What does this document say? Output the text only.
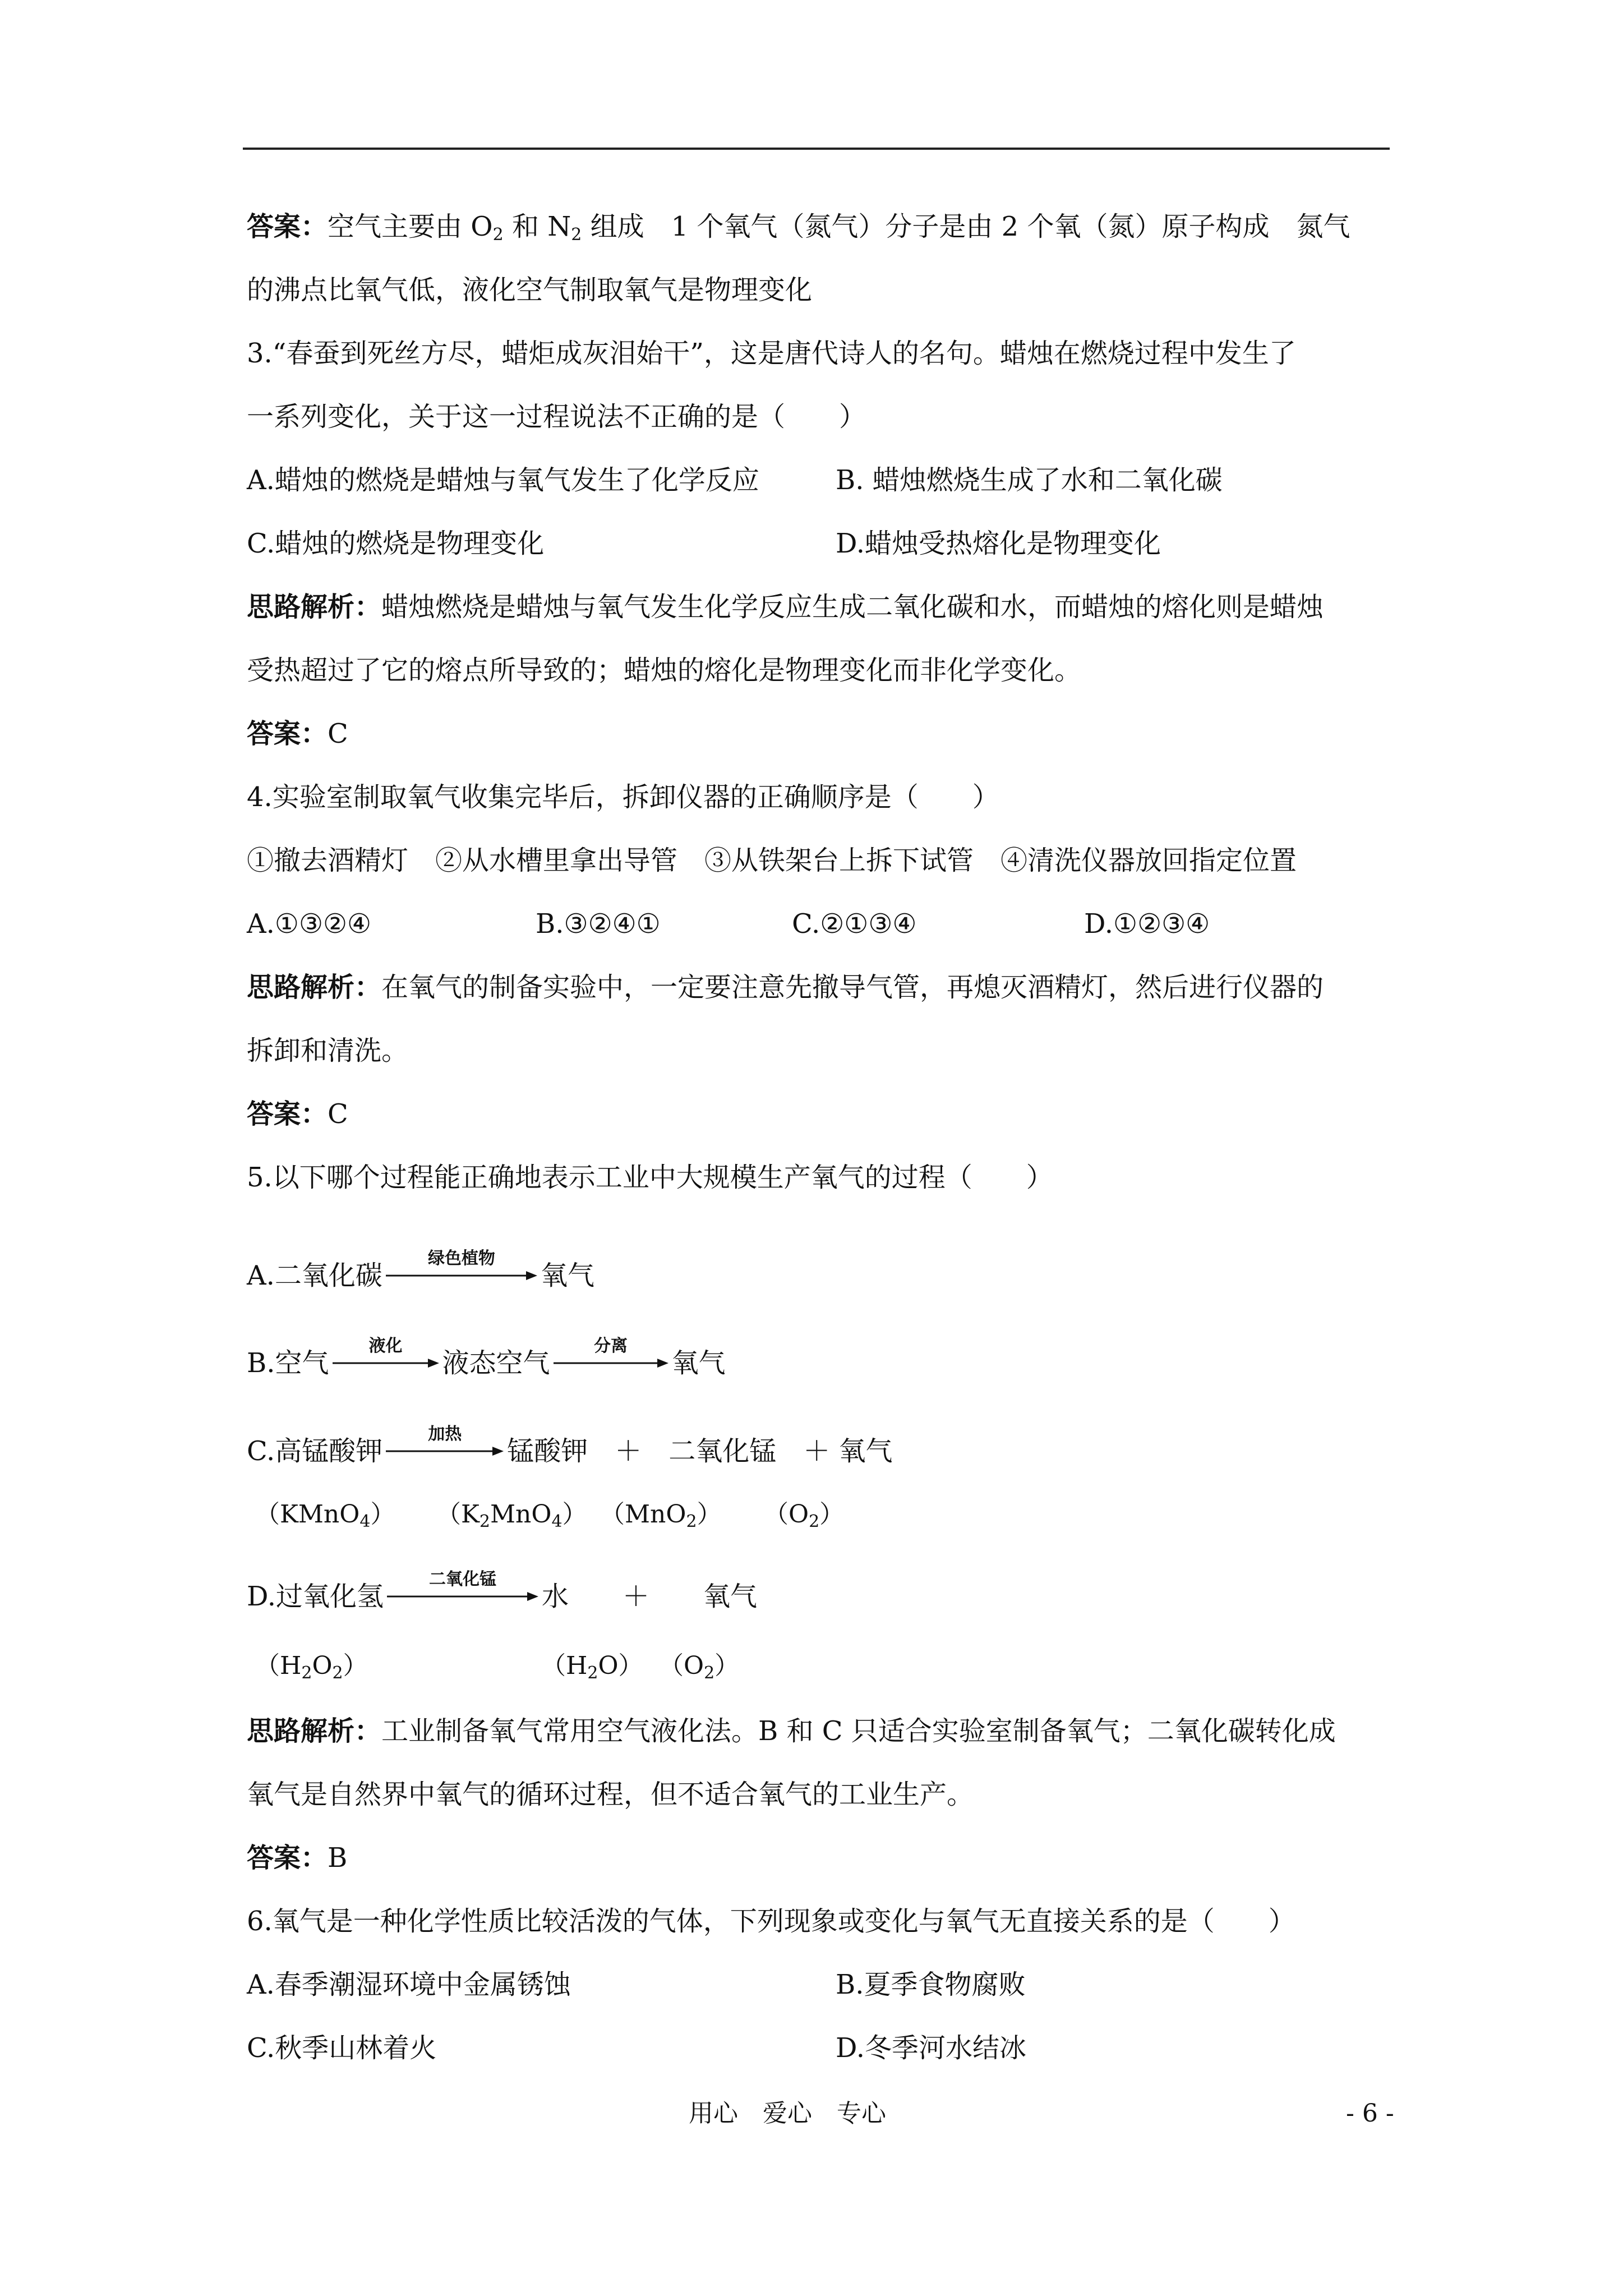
答案：空气主要由 $O_2$ 和 $N_2$ 组成　1 个氧气（氮气）分子是由 2 个氧（氮）原子构成　氮气
的沸点比氧气低，液化空气制取氧气是物理变化
3.“春蚕到死丝方尽，蜡炬成灰泪始干”，这是唐代诗人的名句。蜡烛在燃烧过程中发生了
一系列变化，关于这一过程说法不正确的是（　　）
A.蜡烛的燃烧是蜡烛与氧气发生了化学反应	B. 蜡烛燃烧生成了水和二氧化碳
C.蜡烛的燃烧是物理变化	D.蜡烛受热熔化是物理变化
思路解析：蜡烛燃烧是蜡烛与氧气发生化学反应生成二氧化碳和水，而蜡烛的熔化则是蜡烛
受热超过了它的熔点所导致的；蜡烛的熔化是物理变化而非化学变化。
答案：C
4.实验室制取氧气收集完毕后，拆卸仪器的正确顺序是（　　）
①撤去酒精灯　②从水槽里拿出导管　③从铁架台上拆下试管　④清洗仪器放回指定位置
A.①③②④	B.③②④①	C.②①③④	D.①②③④
思路解析：在氧气的制备实验中，一定要注意先撤导气管，再熄灭酒精灯，然后进行仪器的
拆卸和清洗。
答案：C
5.以下哪个过程能正确地表示工业中大规模生产氧气的过程（　　）
A.二氧化碳
绿色植物
氧气
B.空气
液化
液态空气
分离
氧气
C.高锰酸钾
加热
锰酸钾　＋　二氧化锰　＋ 氧气
（KMnO$_4$） $(K_2MnO_4)$ （MnO$_2$） $(O_2)$
D.过氧化氢
二氧化锰
水　　＋　　氧气
$(H_2O_2)$	$(H_2O)$ $(O_2)$
思路解析：工业制备氧气常用空气液化法。B 和 C 只适合实验室制备氧气；二氧化碳转化成
氧气是自然界中氧气的循环过程，但不适合氧气的工业生产。
答案：B
6.氧气是一种化学性质比较活泼的气体，下列现象或变化与氧气无直接关系的是（　　）
A.春季潮湿环境中金属锈蚀	B.夏季食物腐败
C.秋季山林着火	D.冬季河水结冰
用心　爱心　专心	- 6 -
